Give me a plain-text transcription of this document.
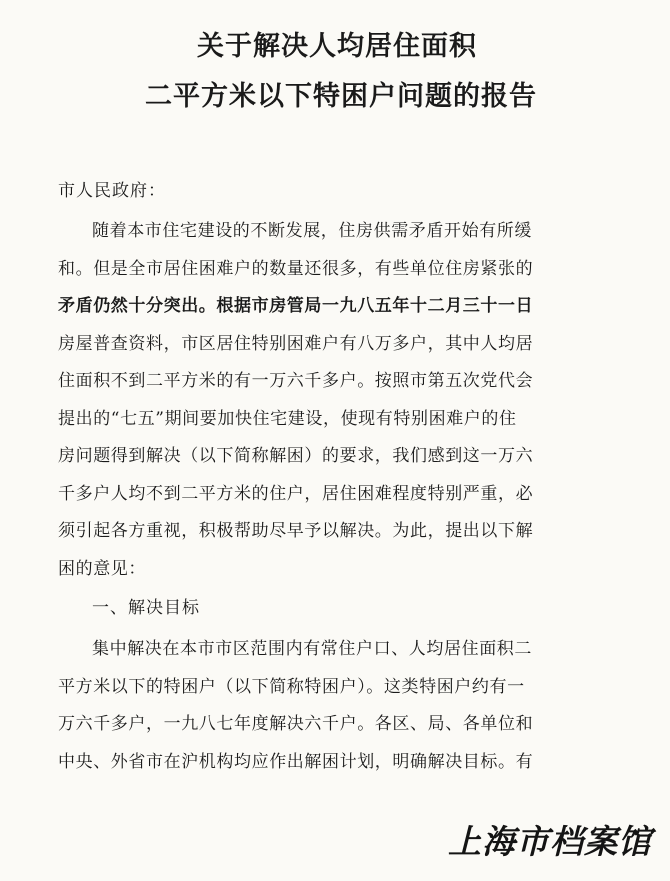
关于解决人均居住面积
二平方米以下特困户问题的报告
市人民政府：
随着本市住宅建设的不断发展，住房供需矛盾开始有所缓
和。但是全市居住困难户的数量还很多，有些单位住房紧张的
矛盾仍然十分突出。根据市房管局一九八五年十二月三十一日
房屋普查资料，市区居住特别困难户有八万多户，其中人均居
住面积不到二平方米的有一万六千多户。按照市第五次党代会
提出的“七五”期间要加快住宅建设，使现有特别困难户的住
房问题得到解决（以下简称解困）的要求，我们感到这一万六
千多户人均不到二平方米的住户，居住困难程度特别严重，必
须引起各方重视，积极帮助尽早予以解决。为此，提出以下解
困的意见：
一、解决目标
集中解决在本市市区范围内有常住户口、人均居住面积二
平方米以下的特困户（以下简称特困户）。这类特困户约有一
万六千多户，一九八七年度解决六千户。各区、局、各单位和
中央、外省市在沪机构均应作出解困计划，明确解决目标。有
上海市档案馆
